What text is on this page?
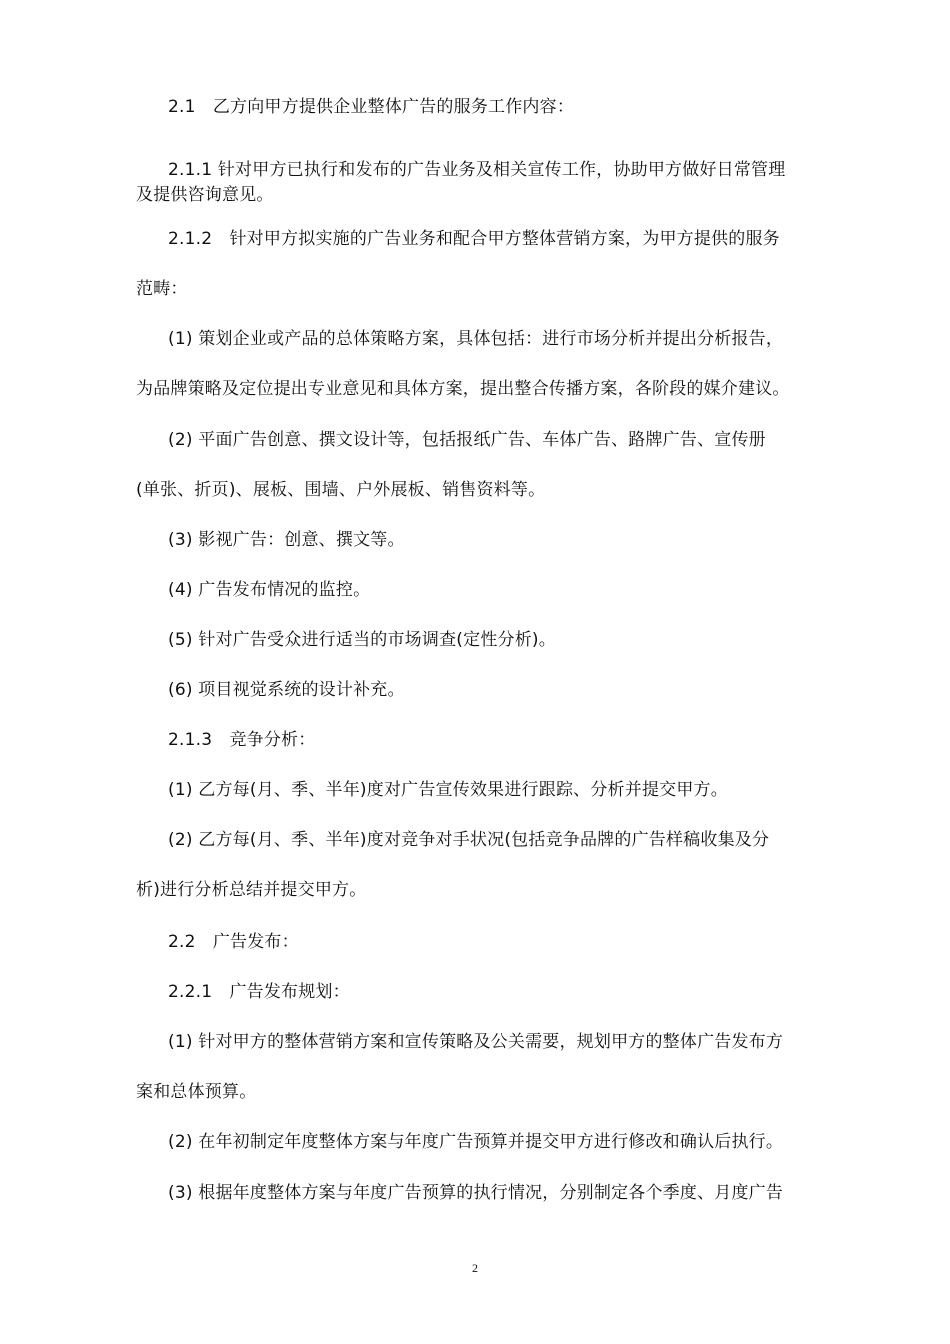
2.1　乙方向甲方提供企业整体广告的服务工作内容：
2.1.1 针对甲方已执行和发布的广告业务及相关宣传工作，协助甲方做好日常管理
及提供咨询意见。
2.1.2　针对甲方拟实施的广告业务和配合甲方整体营销方案，为甲方提供的服务
范畴：
(1) 策划企业或产品的总体策略方案，具体包括：进行市场分析并提出分析报告，
为品牌策略及定位提出专业意见和具体方案，提出整合传播方案，各阶段的媒介建议。
(2) 平面广告创意、撰文设计等，包括报纸广告、车体广告、路牌广告、宣传册
(单张、折页)、展板、围墙、户外展板、销售资料等。
(3) 影视广告：创意、撰文等。
(4) 广告发布情况的监控。
(5) 针对广告受众进行适当的市场调查(定性分析)。
(6) 项目视觉系统的设计补充。
2.1.3　竞争分析：
(1) 乙方每(月、季、半年)度对广告宣传效果进行跟踪、分析并提交甲方。
(2) 乙方每(月、季、半年)度对竞争对手状况(包括竞争品牌的广告样稿收集及分
析)进行分析总结并提交甲方。
2.2　广告发布：
2.2.1　广告发布规划：
(1) 针对甲方的整体营销方案和宣传策略及公关需要，规划甲方的整体广告发布方
案和总体预算。
(2) 在年初制定年度整体方案与年度广告预算并提交甲方进行修改和确认后执行。
(3) 根据年度整体方案与年度广告预算的执行情况，分别制定各个季度、月度广告
2
